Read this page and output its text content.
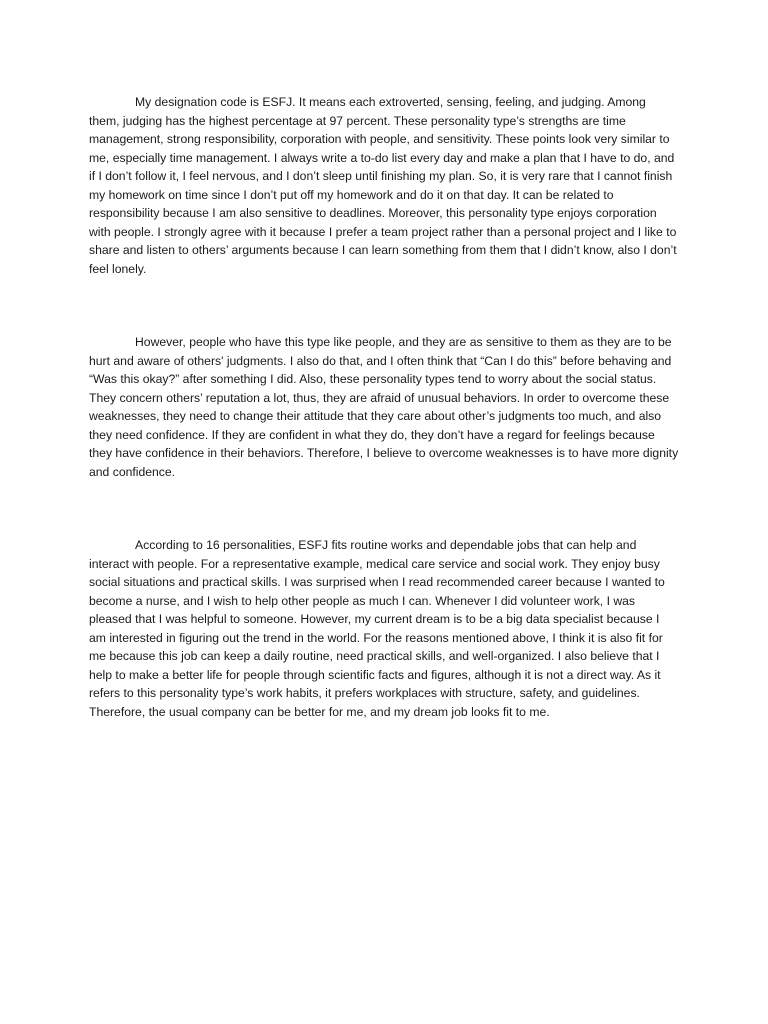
My designation code is ESFJ. It means each extroverted, sensing, feeling, and judging. Among them, judging has the highest percentage at 97 percent. These personality type’s strengths are time management, strong responsibility, corporation with people, and sensitivity. These points look very similar to me, especially time management. I always write a to-do list every day and make a plan that I have to do, and if I don’t follow it, I feel nervous, and I don’t sleep until finishing my plan. So, it is very rare that I cannot finish my homework on time since I don’t put off my homework and do it on that day. It can be related to responsibility because I am also sensitive to deadlines. Moreover, this personality type enjoys corporation with people. I strongly agree with it because I prefer a team project rather than a personal project and I like to share and listen to others’ arguments because I can learn something from them that I didn’t know, also I don’t feel lonely.

However, people who have this type like people, and they are as sensitive to them as they are to be hurt and aware of others' judgments. I also do that, and I often think that “Can I do this” before behaving and “Was this okay?” after something I did. Also, these personality types tend to worry about the social status. They concern others’ reputation a lot, thus, they are afraid of unusual behaviors. In order to overcome these weaknesses, they need to change their attitude that they care about other’s judgments too much, and also they need confidence. If they are confident in what they do, they don’t have a regard for feelings because they have confidence in their behaviors. Therefore, I believe to overcome weaknesses is to have more dignity and confidence.

According to 16 personalities, ESFJ fits routine works and dependable jobs that can help and interact with people. For a representative example, medical care service and social work. They enjoy busy social situations and practical skills. I was surprised when I read recommended career because I wanted to become a nurse, and I wish to help other people as much I can. Whenever I did volunteer work, I was pleased that I was helpful to someone. However, my current dream is to be a big data specialist because I am interested in figuring out the trend in the world. For the reasons mentioned above, I think it is also fit for me because this job can keep a daily routine, need practical skills, and well-organized. I also believe that I help to make a better life for people through scientific facts and figures, although it is not a direct way. As it refers to this personality type’s work habits, it prefers workplaces with structure, safety, and guidelines. Therefore, the usual company can be better for me, and my dream job looks fit to me.
